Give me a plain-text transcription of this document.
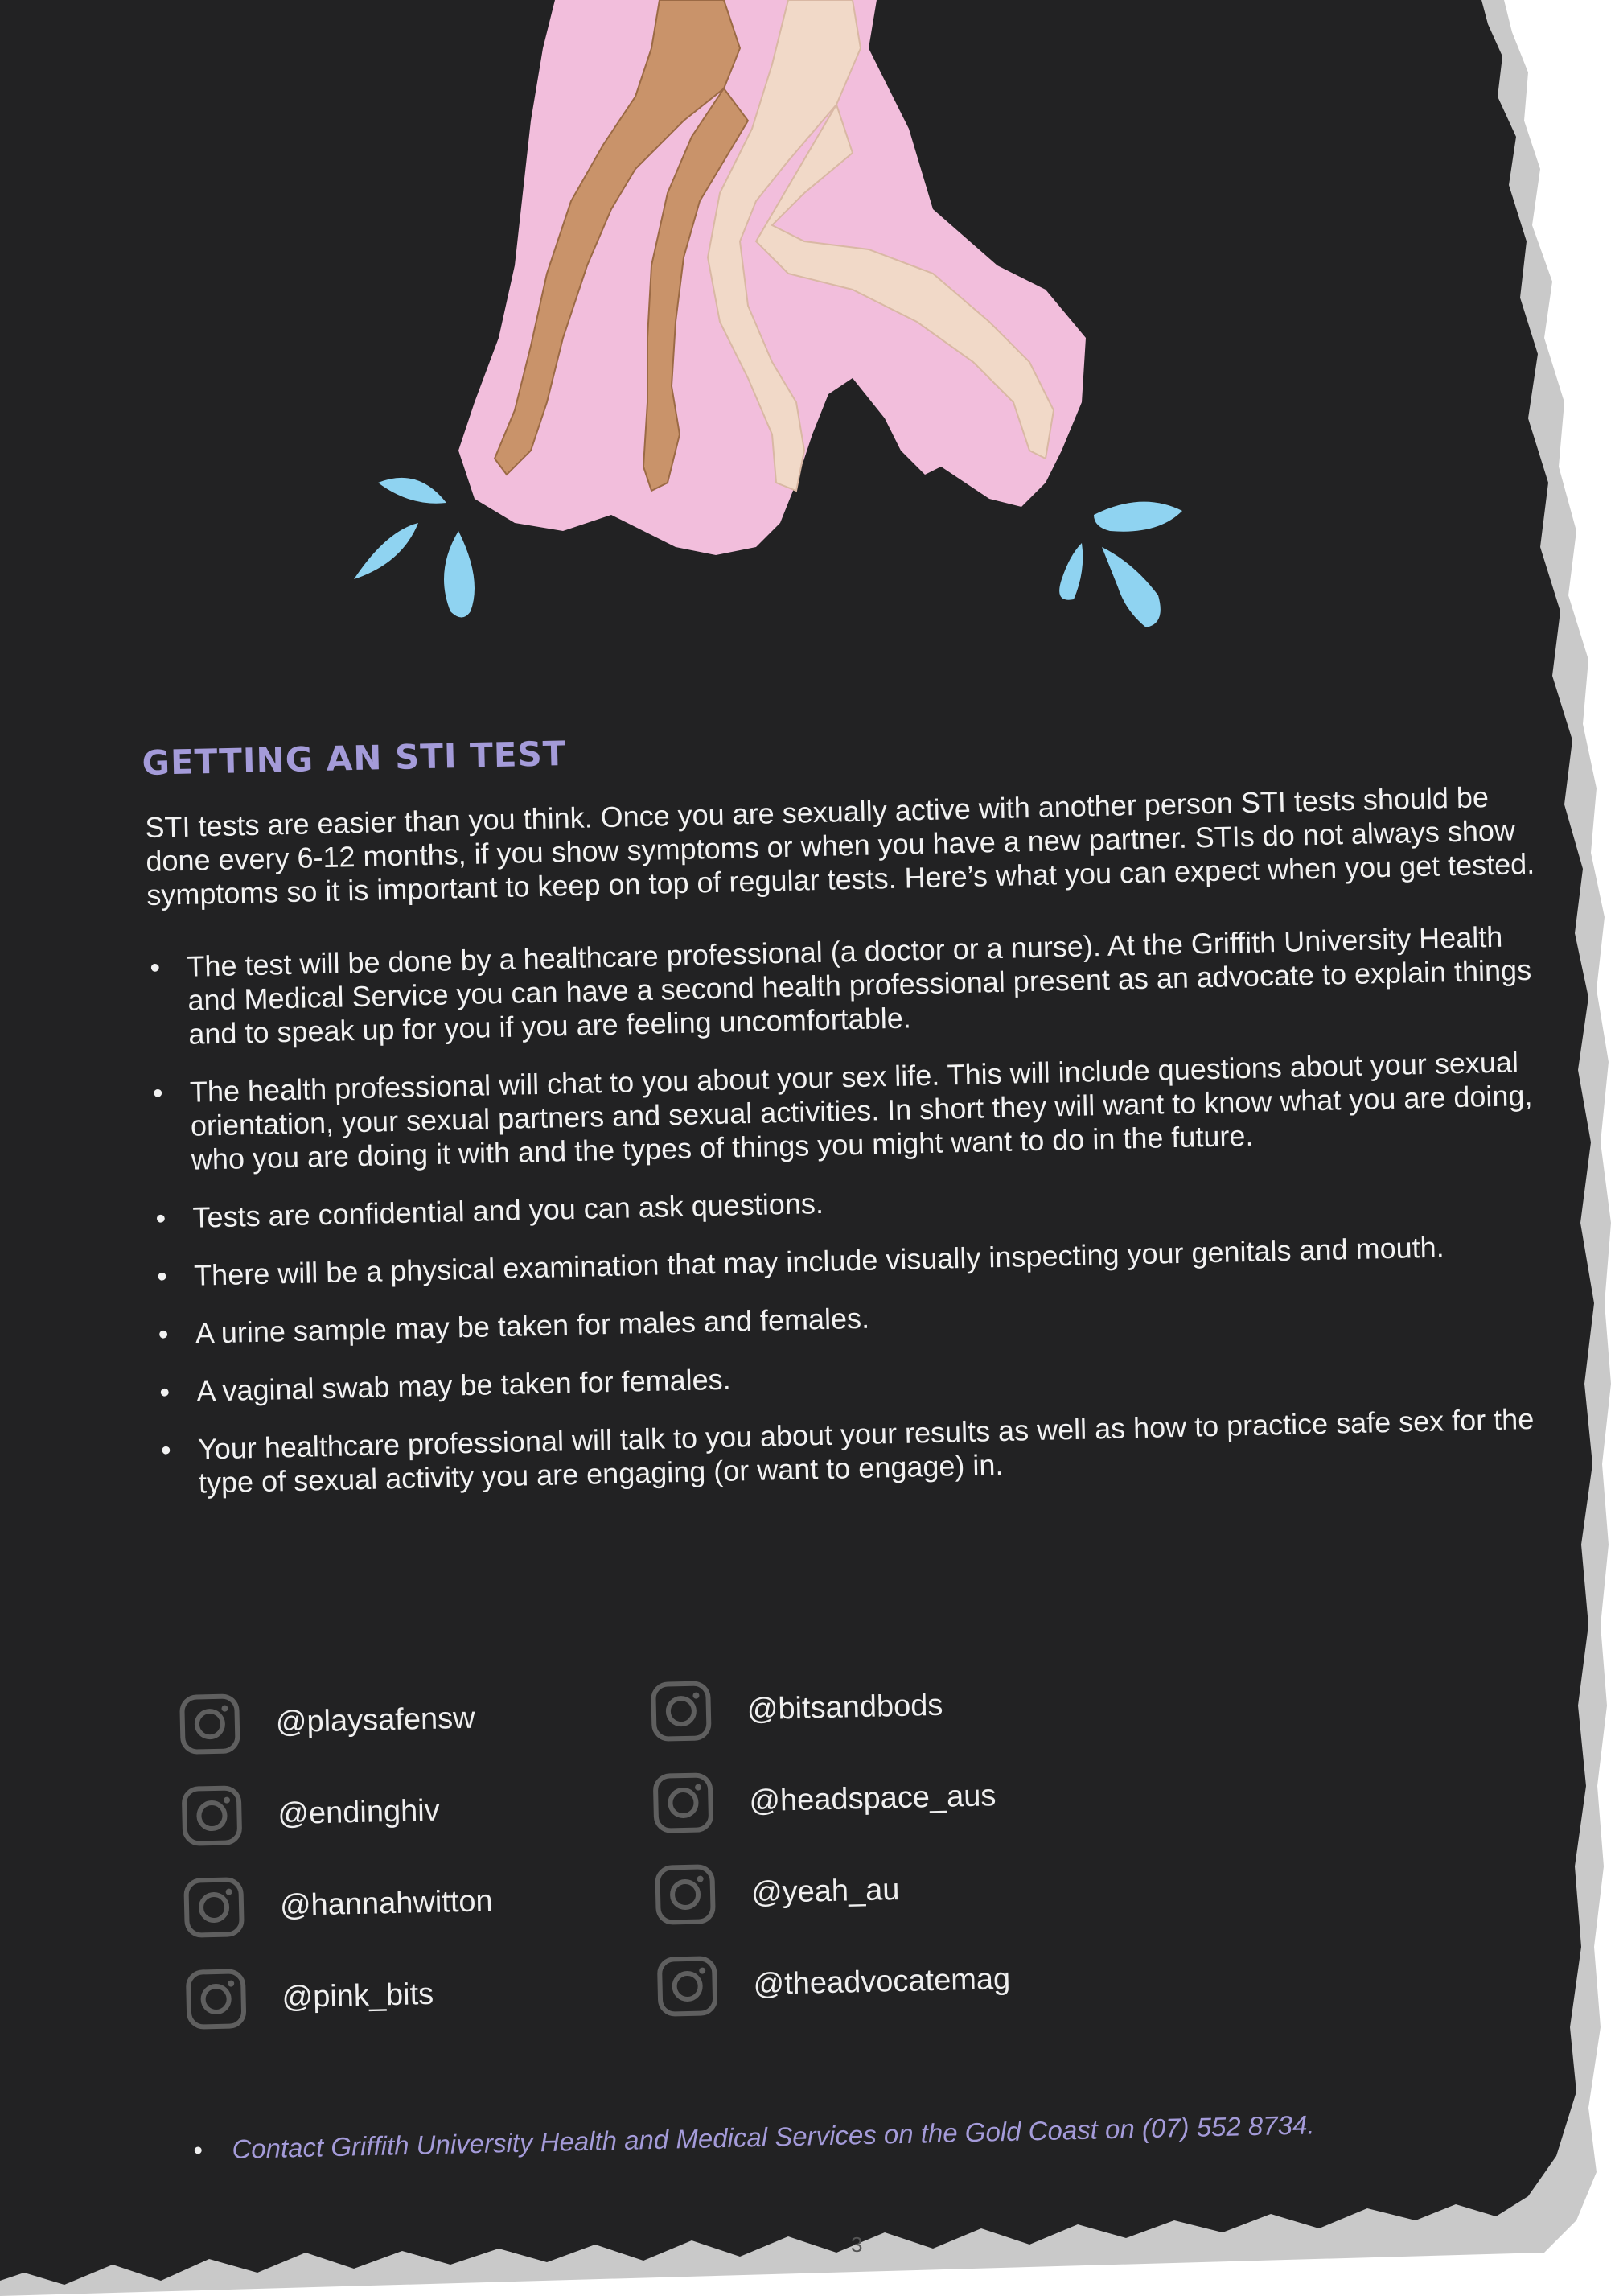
GETTING AN STI TEST

STI tests are easier than you think. Once you are sexually active with another person STI tests should be done every 6-12 months, if you show symptoms or when you have a new partner. STIs do not always show symptoms so it is important to keep on top of regular tests. Here’s what you can expect when you get tested.

• The test will be done by a healthcare professional (a doctor or a nurse). At the Griffith University Health and Medical Service you can have a second health professional present as an advocate to explain things and to speak up for you if you are feeling uncomfortable.
• The health professional will chat to you about your sex life. This will include questions about your sexual orientation, your sexual partners and sexual activities. In short they will want to know what you are doing, who you are doing it with and the types of things you might want to do in the future.
• Tests are confidential and you can ask questions.
• There will be a physical examination that may include visually inspecting your genitals and mouth.
• A urine sample may be taken for males and females.
• A vaginal swab may be taken for females.
• Your healthcare professional will talk to you about your results as well as how to practice safe sex for the type of sexual activity you are engaging (or want to engage) in.
@playsafensw
@endinghiv
@hannahwitton
@pink_bits
@bitsandbods
@headspace_aus
@yeah_au
@theadvocatemag
• Contact Griffith University Health and Medical Services on the Gold Coast on (07) 552 8734.
3
